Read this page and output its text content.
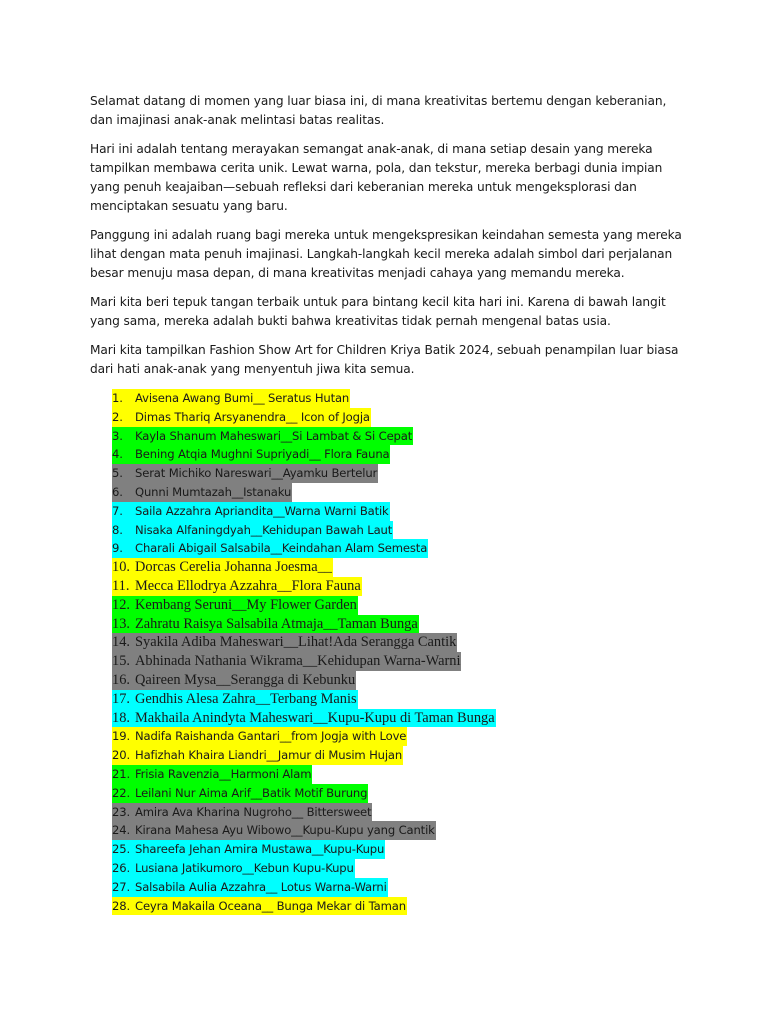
Selamat datang di momen yang luar biasa ini, di mana kreativitas bertemu dengan keberanian, dan imajinasi anak-anak melintasi batas realitas.

Hari ini adalah tentang merayakan semangat anak-anak, di mana setiap desain yang mereka tampilkan membawa cerita unik. Lewat warna, pola, dan tekstur, mereka berbagi dunia impian yang penuh keajaiban—sebuah refleksi dari keberanian mereka untuk mengeksplorasi dan menciptakan sesuatu yang baru.

Panggung ini adalah ruang bagi mereka untuk mengekspresikan keindahan semesta yang mereka lihat dengan mata penuh imajinasi. Langkah-langkah kecil mereka adalah simbol dari perjalanan besar menuju masa depan, di mana kreativitas menjadi cahaya yang memandu mereka.

Mari kita beri tepuk tangan terbaik untuk para bintang kecil kita hari ini. Karena di bawah langit yang sama, mereka adalah bukti bahwa kreativitas tidak pernah mengenal batas usia.

Mari kita tampilkan Fashion Show Art for Children Kriya Batik 2024, sebuah penampilan luar biasa dari hati anak-anak yang menyentuh jiwa kita semua.

1.	Avisena Awang Bumi__ Seratus Hutan
2.	Dimas Thariq Arsyanendra__ Icon of Jogja
3.	Kayla Shanum Maheswari__Si Lambat & Si Cepat
4.	Bening Atqia Mughni Supriyadi__ Flora Fauna
5.	Serat Michiko Nareswari__Ayamku Bertelur
6.	Qunni Mumtazah__Istanaku
7.	Saila Azzahra Apriandita__Warna Warni Batik
8.	Nisaka Alfaningdyah__Kehidupan Bawah Laut
9.	Charali Abigail Salsabila__Keindahan Alam Semesta
10. Dorcas Cerelia Johanna Joesma__
11. Mecca Ellodrya Azzahra__Flora Fauna
12. Kembang Seruni__My Flower Garden
13. Zahratu Raisya Salsabila Atmaja__Taman Bunga
14. Syakila Adiba Maheswari__Lihat!Ada Serangga Cantik
15. Abhinada Nathania Wikrama__Kehidupan Warna-Warni
16. Qaireen Mysa__Serangga di Kebunku
17. Gendhis Alesa Zahra__Terbang Manis
18. Makhaila Anindyta Maheswari__Kupu-Kupu di Taman Bunga
19. Nadifa Raishanda Gantari__from Jogja with Love
20. Hafizhah Khaira Liandri__Jamur di Musim Hujan
21. Frisia Ravenzia__Harmoni Alam
22. Leilani Nur Aima Arif__Batik Motif Burung
23. Amira Ava Kharina Nugroho__ Bittersweet
24. Kirana Mahesa Ayu Wibowo__Kupu-Kupu yang Cantik
25. Shareefa Jehan Amira Mustawa__Kupu-Kupu
26. Lusiana Jatikumoro__Kebun Kupu-Kupu
27. Salsabila Aulia Azzahra__ Lotus Warna-Warni
28. Ceyra Makaila Oceana__ Bunga Mekar di Taman
